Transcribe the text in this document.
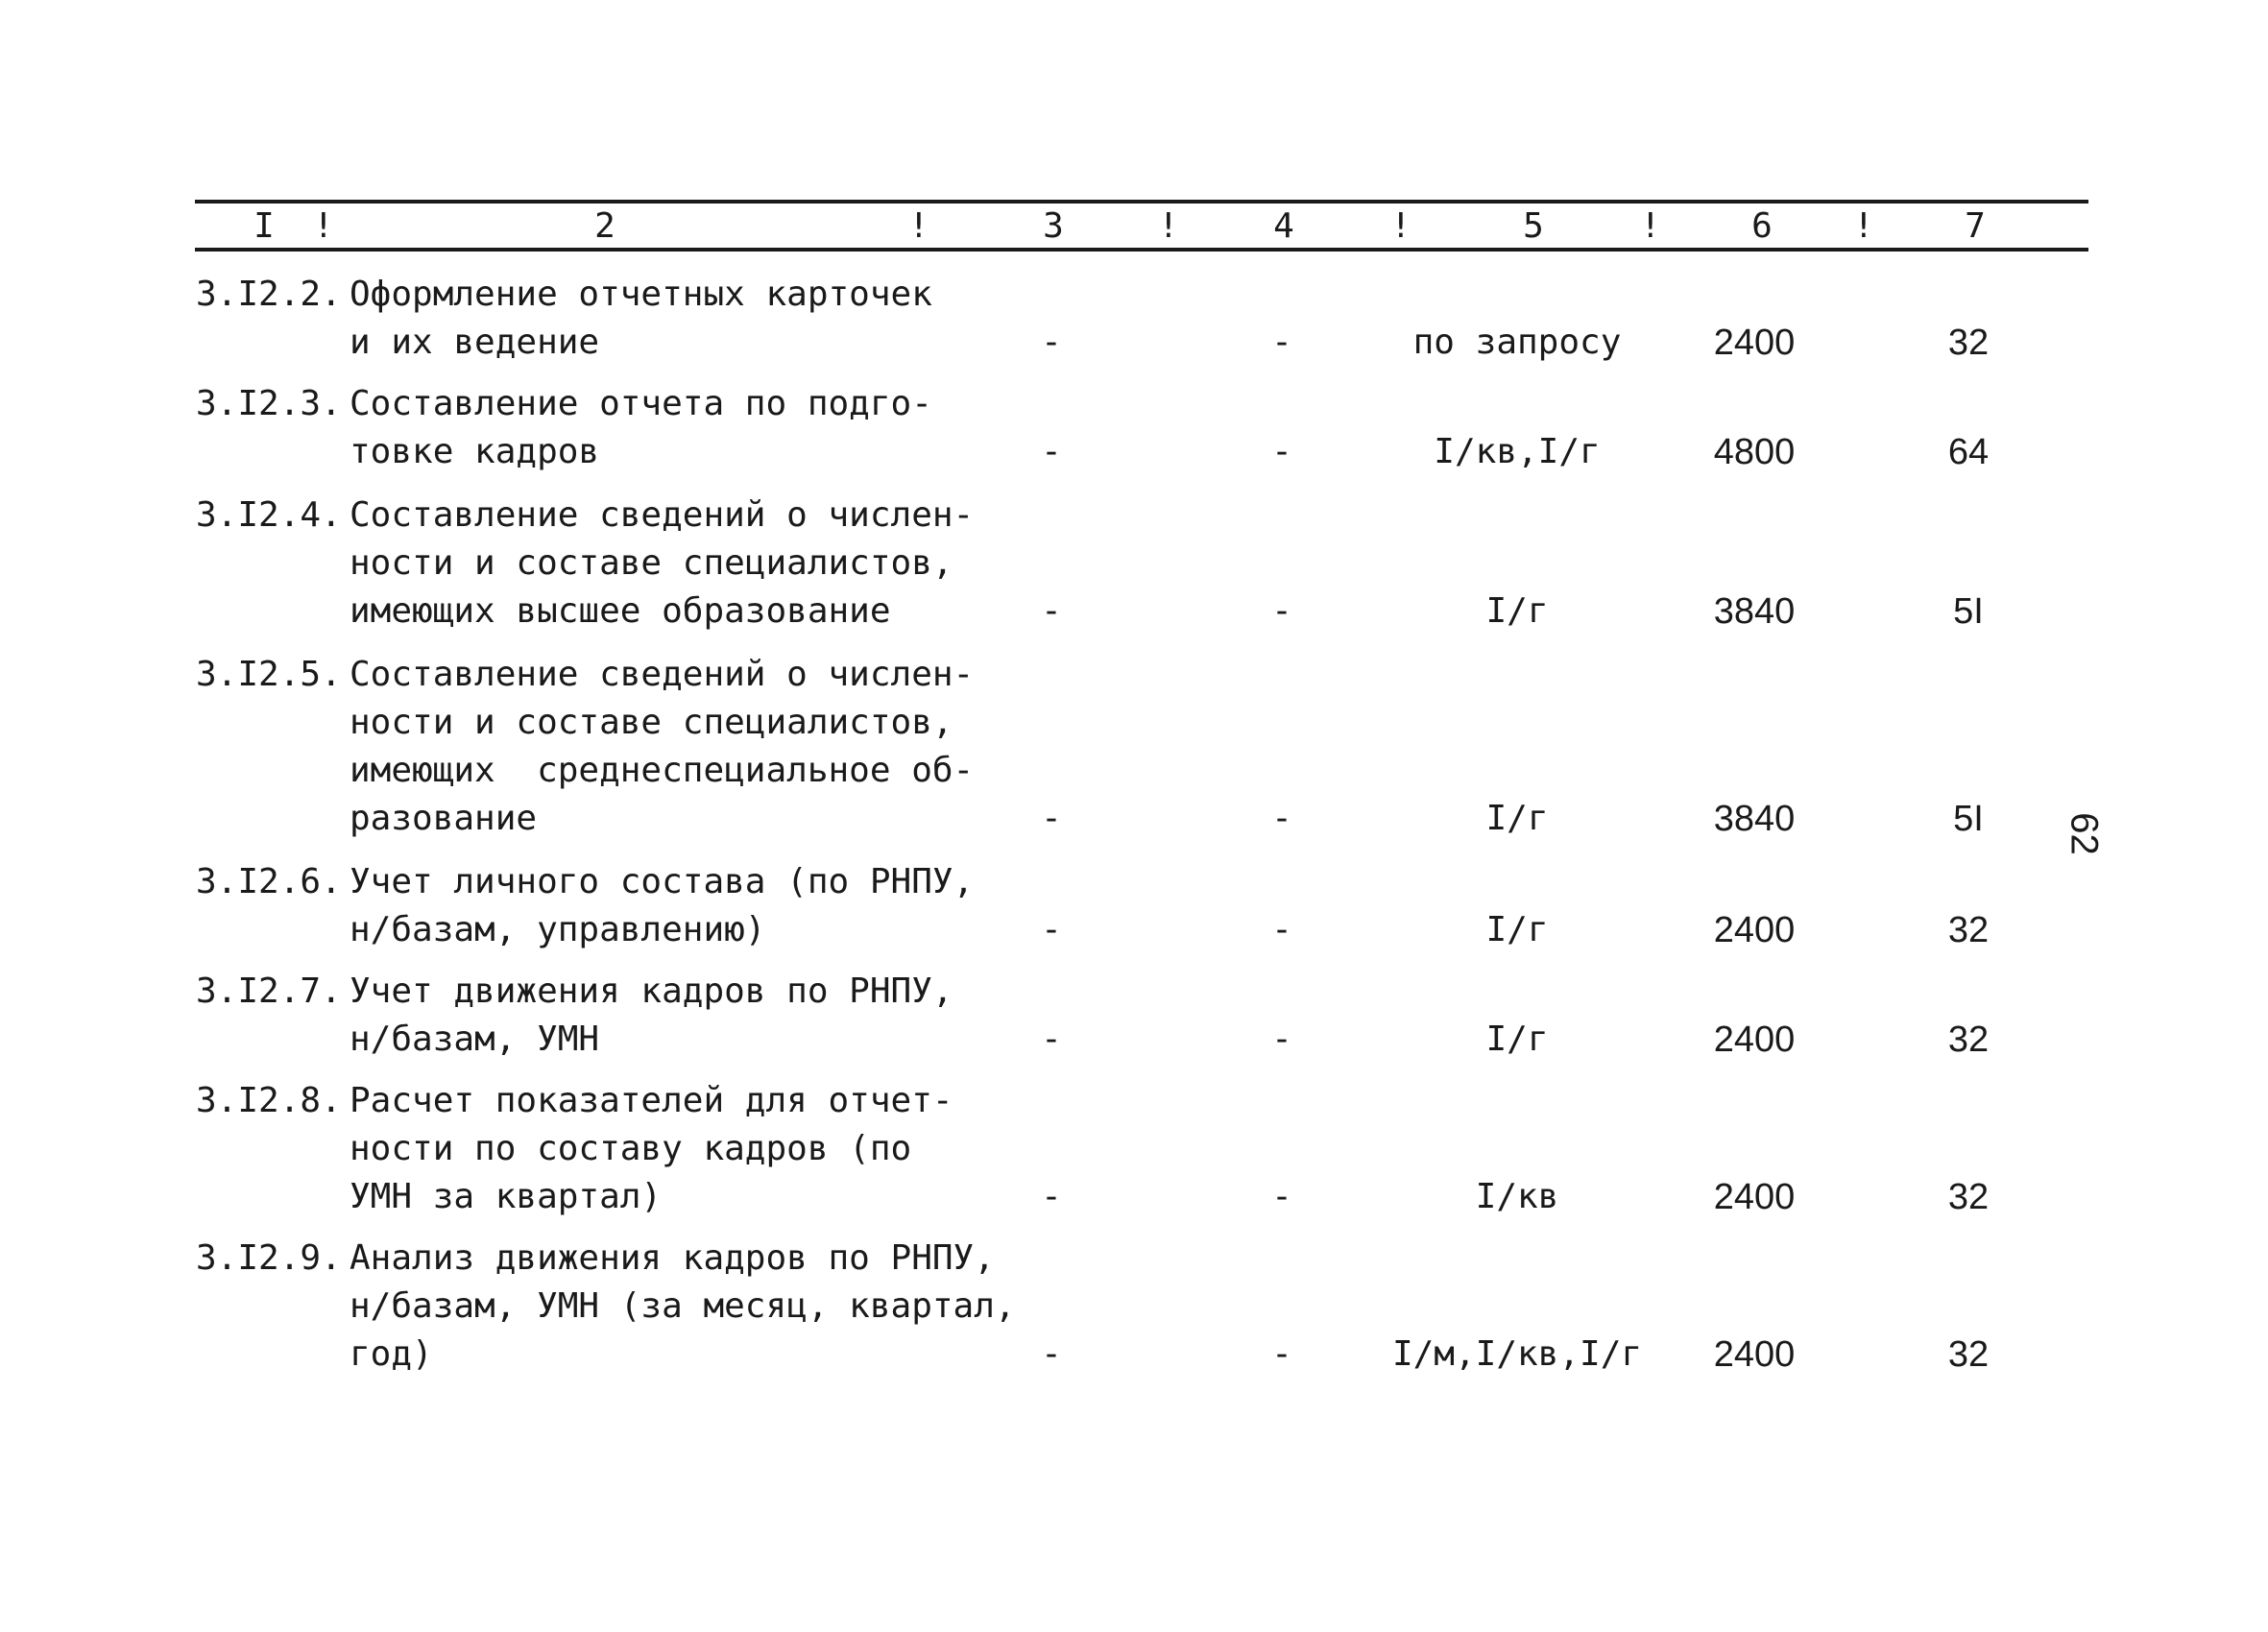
I	!	2	!	3	!	4	!	5	!	6	!	7
3.I2.2. Оформление отчетных карточек
и их ведение	-	-	по запросу	2400	32
3.I2.3. Составление отчета по подго-
товке кадров	-	-	I/кв,I/г	4800	64
3.I2.4. Составление сведений о числен-
ности и составе специалистов,
имеющих высшее образование	-	-	I/г	3840	5I
3.I2.5. Составление сведений о числен-
ности и составе специалистов,
имеющих  среднеспециальное об-
разование	-	-	I/г	3840	5I
3.I2.6. Учет личного состава (по РНПУ,
н/базам, управлению)	-	-	I/г	2400	32
3.I2.7. Учет движения кадров по РНПУ,
н/базам, УМН	-	-	I/г	2400	32
3.I2.8. Расчет показателей для отчет-
ности по составу кадров (по
УМН за квартал)	-	-	I/кв	2400	32
3.I2.9. Анализ движения кадров по РНПУ,
н/базам, УМН (за месяц, квартал,
год)	-	-	I/м,I/кв,I/г	2400	32
62
